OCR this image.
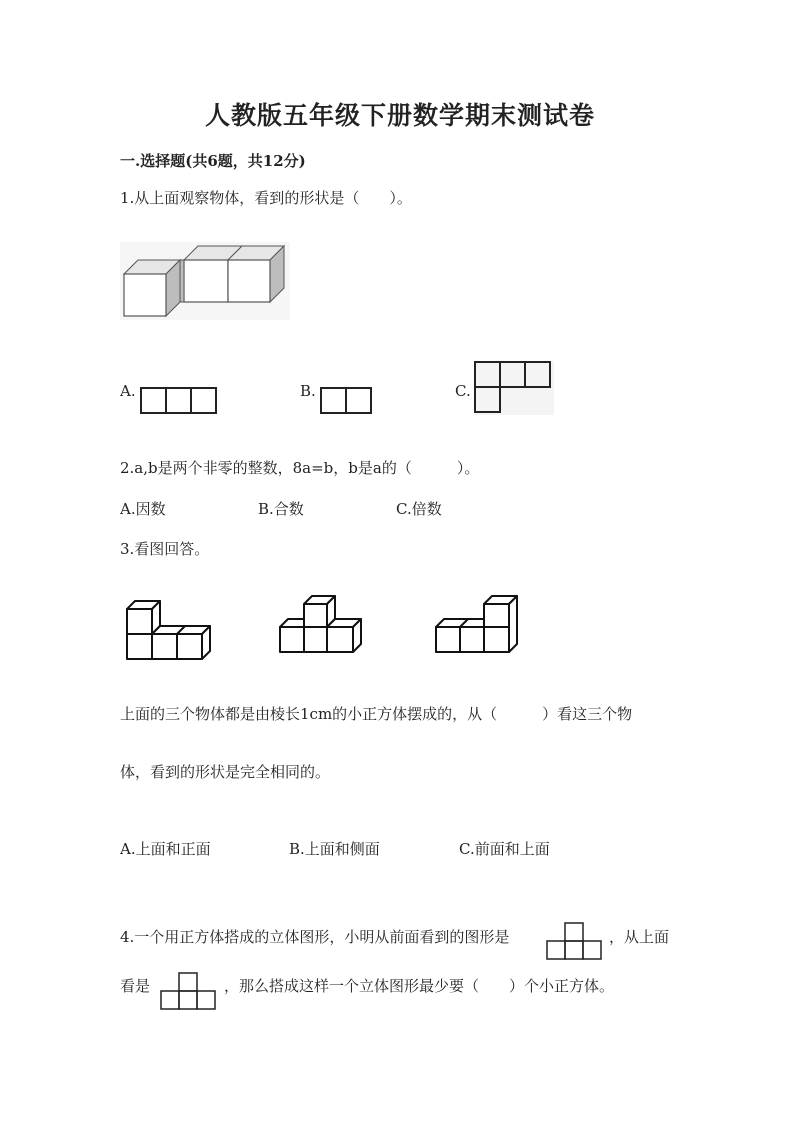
人教版五年级下册数学期末测试卷
一.选择题(共6题，共12分)
1.从上面观察物体，看到的形状是（　　）。
A.	B.	C.
2.a,b是两个非零的整数，8a=b，b是a的（　　　）。
A.因数	B.合数	C.倍数
3.看图回答。
上面的三个物体都是由棱长1cm的小正方体摆成的，从（　　　）看这三个物
体，看到的形状是完全相同的。
A.上面和正面	B.上面和侧面	C.前面和上面
4.一个用正方体搭成的立体图形，小明从前面看到的图形是	，从上面
看是	，那么搭成这样一个立体图形最少要（　　）个小正方体。
